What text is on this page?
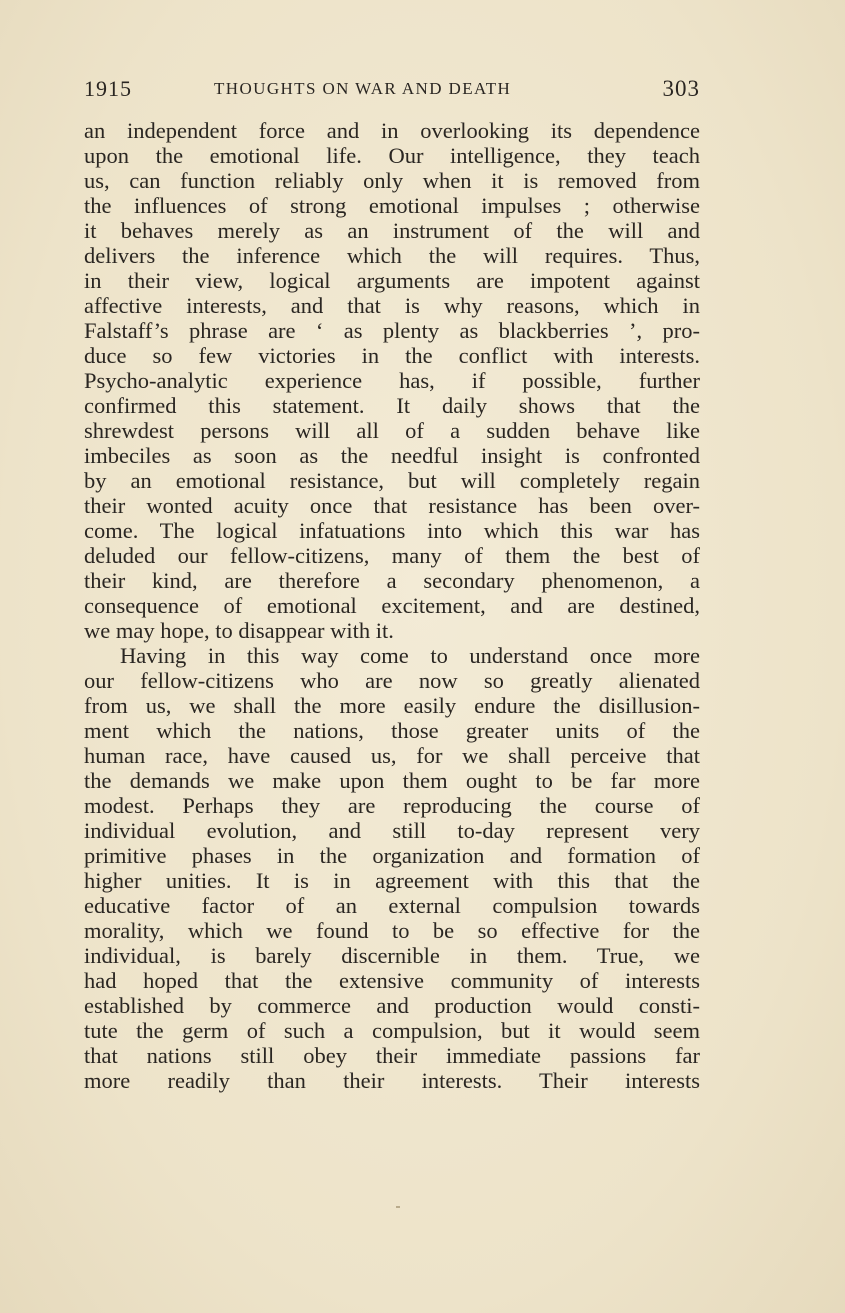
1915	THOUGHTS ON WAR AND DEATH	303
an independent force and in overlooking its dependence
upon the emotional life. Our intelligence, they teach
us, can function reliably only when it is removed from
the influences of strong emotional impulses ; otherwise
it behaves merely as an instrument of the will and
delivers the inference which the will requires. Thus,
in their view, logical arguments are impotent against
affective interests, and that is why reasons, which in
Falstaff’s phrase are ‘ as plenty as blackberries ’, pro-
duce so few victories in the conflict with interests.
Psycho-analytic experience has, if possible, further
confirmed this statement. It daily shows that the
shrewdest persons will all of a sudden behave like
imbeciles as soon as the needful insight is confronted
by an emotional resistance, but will completely regain
their wonted acuity once that resistance has been over-
come. The logical infatuations into which this war has
deluded our fellow-citizens, many of them the best of
their kind, are therefore a secondary phenomenon, a
consequence of emotional excitement, and are destined,
we may hope, to disappear with it.
Having in this way come to understand once more
our fellow-citizens who are now so greatly alienated
from us, we shall the more easily endure the disillusion-
ment which the nations, those greater units of the
human race, have caused us, for we shall perceive that
the demands we make upon them ought to be far more
modest. Perhaps they are reproducing the course of
individual evolution, and still to-day represent very
primitive phases in the organization and formation of
higher unities. It is in agreement with this that the
educative factor of an external compulsion towards
morality, which we found to be so effective for the
individual, is barely discernible in them. True, we
had hoped that the extensive community of interests
established by commerce and production would consti-
tute the germ of such a compulsion, but it would seem
that nations still obey their immediate passions far
more readily than their interests. Their interests
